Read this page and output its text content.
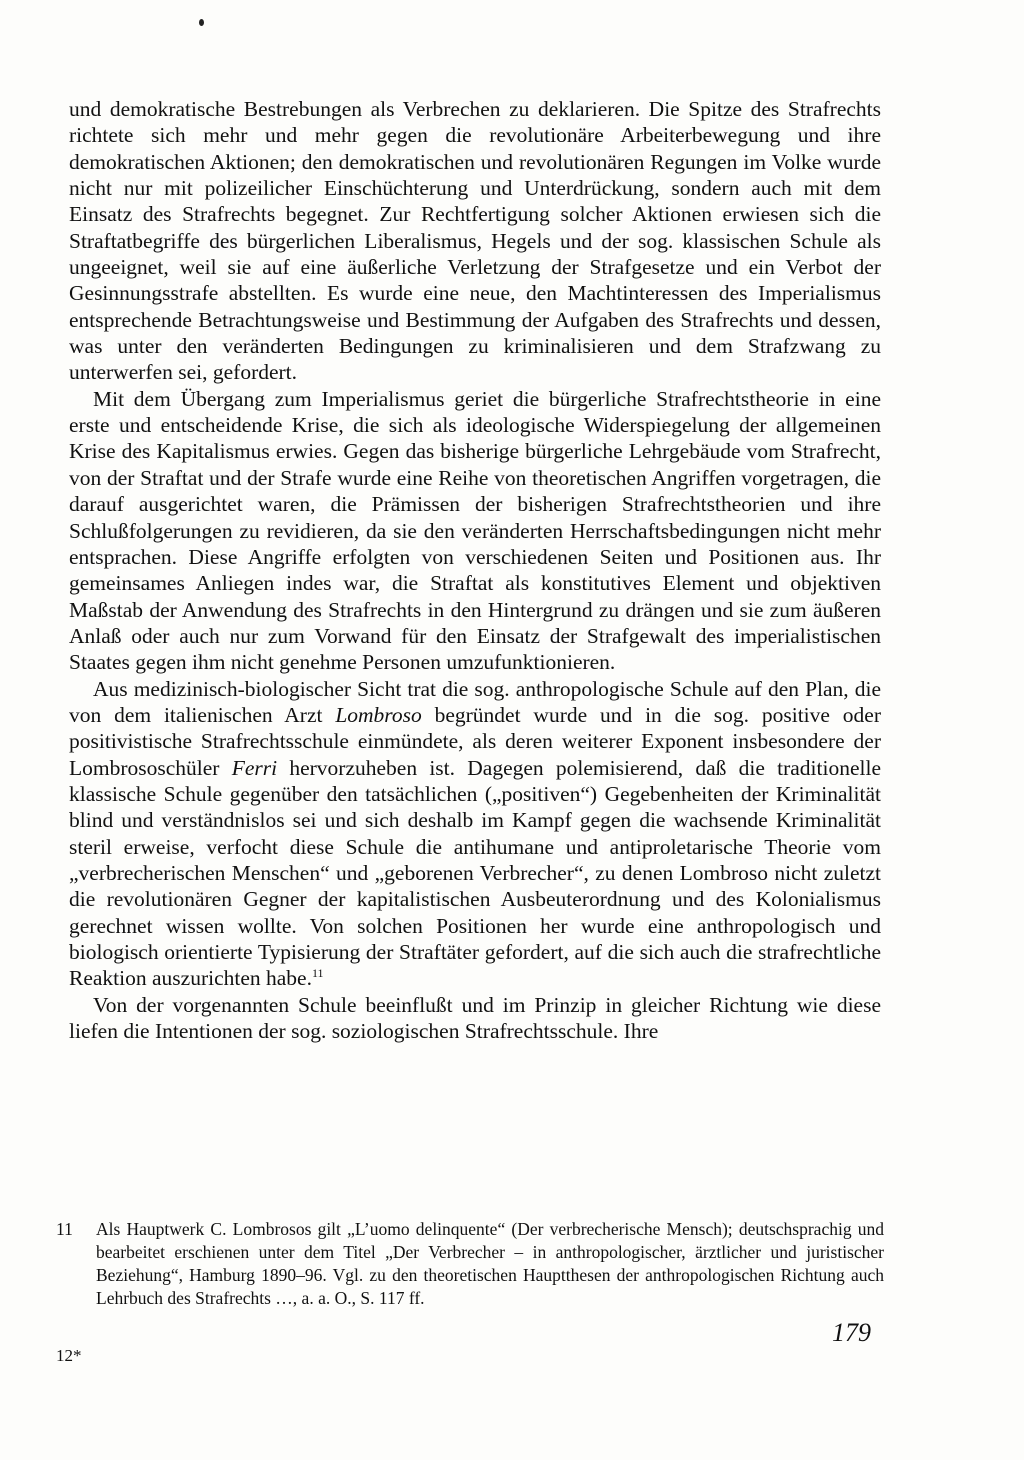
und demokratische Bestrebungen als Verbrechen zu deklarieren. Die Spitze des Strafrechts richtete sich mehr und mehr gegen die revolutionäre Arbeiterbewegung und ihre demokratischen Aktionen; den demokratischen und revolutionären Regungen im Volke wurde nicht nur mit polizeilicher Einschüchterung und Unterdrückung, sondern auch mit dem Einsatz des Strafrechts begegnet. Zur Rechtfertigung solcher Aktionen erwiesen sich die Straftatbegriffe des bürgerlichen Liberalismus, Hegels und der sog. klassischen Schule als ungeeignet, weil sie auf eine äußerliche Verletzung der Strafgesetze und ein Verbot der Gesinnungsstrafe abstellten. Es wurde eine neue, den Machtinteressen des Imperialismus entsprechende Betrachtungsweise und Bestimmung der Aufgaben des Strafrechts und dessen, was unter den veränderten Bedingungen zu kriminalisieren und dem Strafzwang zu unterwerfen sei, gefordert.

Mit dem Übergang zum Imperialismus geriet die bürgerliche Strafrechtstheorie in eine erste und entscheidende Krise, die sich als ideologische Widerspiegelung der allgemeinen Krise des Kapitalismus erwies. Gegen das bisherige bürgerliche Lehrgebäude vom Strafrecht, von der Straftat und der Strafe wurde eine Reihe von theoretischen Angriffen vorgetragen, die darauf ausgerichtet waren, die Prämissen der bisherigen Strafrechtstheorien und ihre Schlußfolgerungen zu revidieren, da sie den veränderten Herrschaftsbedingungen nicht mehr entsprachen. Diese Angriffe erfolgten von verschiedenen Seiten und Positionen aus. Ihr gemeinsames Anliegen indes war, die Straftat als konstitutives Element und objektiven Maßstab der Anwendung des Strafrechts in den Hintergrund zu drängen und sie zum äußeren Anlaß oder auch nur zum Vorwand für den Einsatz der Strafgewalt des imperialistischen Staates gegen ihm nicht genehme Personen umzufunktionieren.

Aus medizinisch-biologischer Sicht trat die sog. anthropologische Schule auf den Plan, die von dem italienischen Arzt Lombroso begründet wurde und in die sog. positive oder positivistische Strafrechtsschule einmündete, als deren weiterer Exponent insbesondere der Lombrososchüler Ferri hervorzuheben ist. Dagegen polemisierend, daß die traditionelle klassische Schule gegenüber den tatsächlichen („positiven“) Gegebenheiten der Kriminalität blind und verständnislos sei und sich deshalb im Kampf gegen die wachsende Kriminalität steril erweise, verfocht diese Schule die antihumane und antiproletarische Theorie vom „verbrecherischen Menschen“ und „geborenen Verbrecher“, zu denen Lombroso nicht zuletzt die revolutionären Gegner der kapitalistischen Ausbeuterordnung und des Kolonialismus gerechnet wissen wollte. Von solchen Positionen her wurde eine anthropologisch und biologisch orientierte Typisierung der Straftäter gefordert, auf die sich auch die strafrechtliche Reaktion auszurichten habe.$^{11}$

Von der vorgenannten Schule beeinflußt und im Prinzip in gleicher Richtung wie diese liefen die Intentionen der sog. soziologischen Strafrechtsschule. Ihre

11	Als Hauptwerk C. Lombrosos gilt „L’uomo delinquente“ (Der verbrecherische Mensch); deutschsprachig und bearbeitet erschienen unter dem Titel „Der Verbrecher – in anthropologischer, ärztlicher und juristischer Beziehung“, Hamburg 1890–96. Vgl. zu den theoretischen Hauptthesen der anthropologischen Richtung auch Lehrbuch des Strafrechts …, a. a. O., S. 117 ff.
12*
179
